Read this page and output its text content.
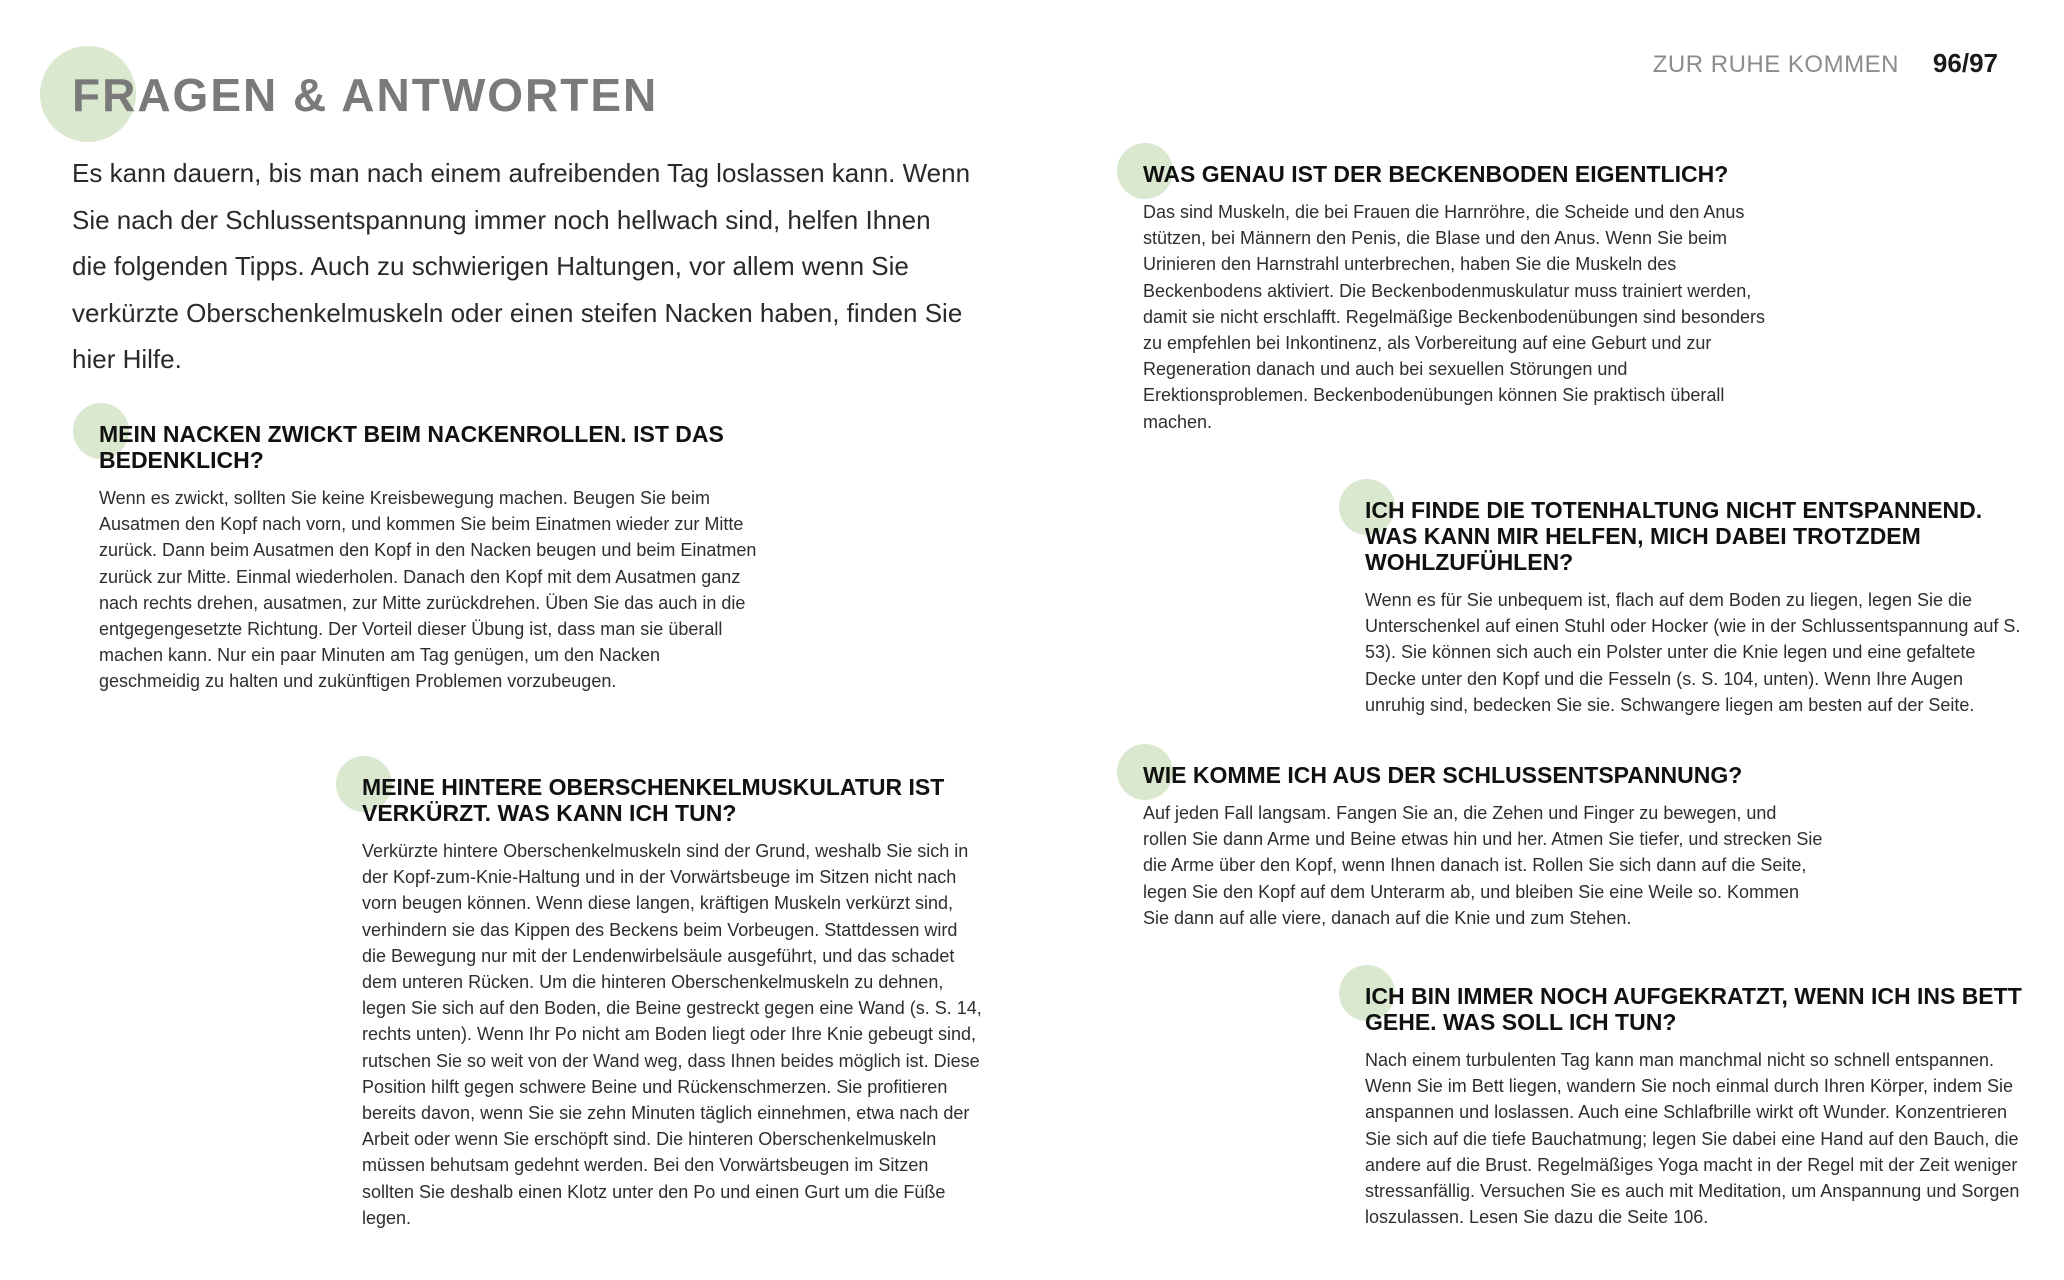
ZUR RUHE KOMMEN 96/97
FRAGEN & ANTWORTEN
Es kann dauern, bis man nach einem aufreibenden Tag loslassen kann. Wenn Sie nach der Schlussentspannung immer noch hellwach sind, helfen Ihnen die folgenden Tipps. Auch zu schwierigen Haltungen, vor allem wenn Sie verkürzte Oberschenkelmuskeln oder einen steifen Nacken haben, finden Sie hier Hilfe.
MEIN NACKEN ZWICKT BEIM NACKENROLLEN. IST DAS BEDENKLICH?
Wenn es zwickt, sollten Sie keine Kreisbewegung machen. Beugen Sie beim Ausatmen den Kopf nach vorn, und kommen Sie beim Einatmen wieder zur Mitte zurück. Dann beim Ausatmen den Kopf in den Nacken beugen und beim Einatmen zurück zur Mitte. Einmal wiederholen. Danach den Kopf mit dem Ausatmen ganz nach rechts drehen, ausatmen, zur Mitte zurückdrehen. Üben Sie das auch in die entgegengesetzte Richtung. Der Vorteil dieser Übung ist, dass man sie überall machen kann. Nur ein paar Minuten am Tag genügen, um den Nacken geschmeidig zu halten und zukünftigen Problemen vorzubeugen.
MEINE HINTERE OBERSCHENKELMUSKULATUR IST VERKÜRZT. WAS KANN ICH TUN?
Verkürzte hintere Oberschenkelmuskeln sind der Grund, weshalb Sie sich in der Kopf-zum-Knie-Haltung und in der Vorwärtsbeuge im Sitzen nicht nach vorn beugen können. Wenn diese langen, kräftigen Muskeln verkürzt sind, verhindern sie das Kippen des Beckens beim Vorbeugen. Stattdessen wird die Bewegung nur mit der Lendenwirbelsäule ausgeführt, und das schadet dem unteren Rücken. Um die hinteren Oberschenkelmuskeln zu dehnen, legen Sie sich auf den Boden, die Beine gestreckt gegen eine Wand (s. S. 14, rechts unten). Wenn Ihr Po nicht am Boden liegt oder Ihre Knie gebeugt sind, rutschen Sie so weit von der Wand weg, dass Ihnen beides möglich ist. Diese Position hilft gegen schwere Beine und Rückenschmerzen. Sie profitieren bereits davon, wenn Sie sie zehn Minuten täglich einnehmen, etwa nach der Arbeit oder wenn Sie erschöpft sind. Die hinteren Oberschenkelmuskeln müssen behutsam gedehnt werden. Bei den Vorwärtsbeugen im Sitzen sollten Sie deshalb einen Klotz unter den Po und einen Gurt um die Füße legen.
WAS GENAU IST DER BECKENBODEN EIGENTLICH?
Das sind Muskeln, die bei Frauen die Harnröhre, die Scheide und den Anus stützen, bei Männern den Penis, die Blase und den Anus. Wenn Sie beim Urinieren den Harnstrahl unterbrechen, haben Sie die Muskeln des Beckenbodens aktiviert. Die Beckenbodenmuskulatur muss trainiert werden, damit sie nicht erschlafft. Regelmäßige Beckenbodenübungen sind besonders zu empfehlen bei Inkontinenz, als Vorbereitung auf eine Geburt und zur Regeneration danach und auch bei sexuellen Störungen und Erektionsproblemen. Beckenbodenübungen können Sie praktisch überall machen.
ICH FINDE DIE TOTENHALTUNG NICHT ENTSPANNEND. WAS KANN MIR HELFEN, MICH DABEI TROTZDEM WOHLZUFÜHLEN?
Wenn es für Sie unbequem ist, flach auf dem Boden zu liegen, legen Sie die Unterschenkel auf einen Stuhl oder Hocker (wie in der Schlussentspannung auf S. 53). Sie können sich auch ein Polster unter die Knie legen und eine gefaltete Decke unter den Kopf und die Fesseln (s. S. 104, unten). Wenn Ihre Augen unruhig sind, bedecken Sie sie. Schwangere liegen am besten auf der Seite.
WIE KOMME ICH AUS DER SCHLUSSENTSPANNUNG?
Auf jeden Fall langsam. Fangen Sie an, die Zehen und Finger zu bewegen, und rollen Sie dann Arme und Beine etwas hin und her. Atmen Sie tiefer, und strecken Sie die Arme über den Kopf, wenn Ihnen danach ist. Rollen Sie sich dann auf die Seite, legen Sie den Kopf auf dem Unterarm ab, und bleiben Sie eine Weile so. Kommen Sie dann auf alle viere, danach auf die Knie und zum Stehen.
ICH BIN IMMER NOCH AUFGEKRATZT, WENN ICH INS BETT GEHE. WAS SOLL ICH TUN?
Nach einem turbulenten Tag kann man manchmal nicht so schnell entspannen. Wenn Sie im Bett liegen, wandern Sie noch einmal durch Ihren Körper, indem Sie anspannen und loslassen. Auch eine Schlafbrille wirkt oft Wunder. Konzentrieren Sie sich auf die tiefe Bauchatmung; legen Sie dabei eine Hand auf den Bauch, die andere auf die Brust. Regelmäßiges Yoga macht in der Regel mit der Zeit weniger stressanfällig. Versuchen Sie es auch mit Meditation, um Anspannung und Sorgen loszulassen. Lesen Sie dazu die Seite 106.
